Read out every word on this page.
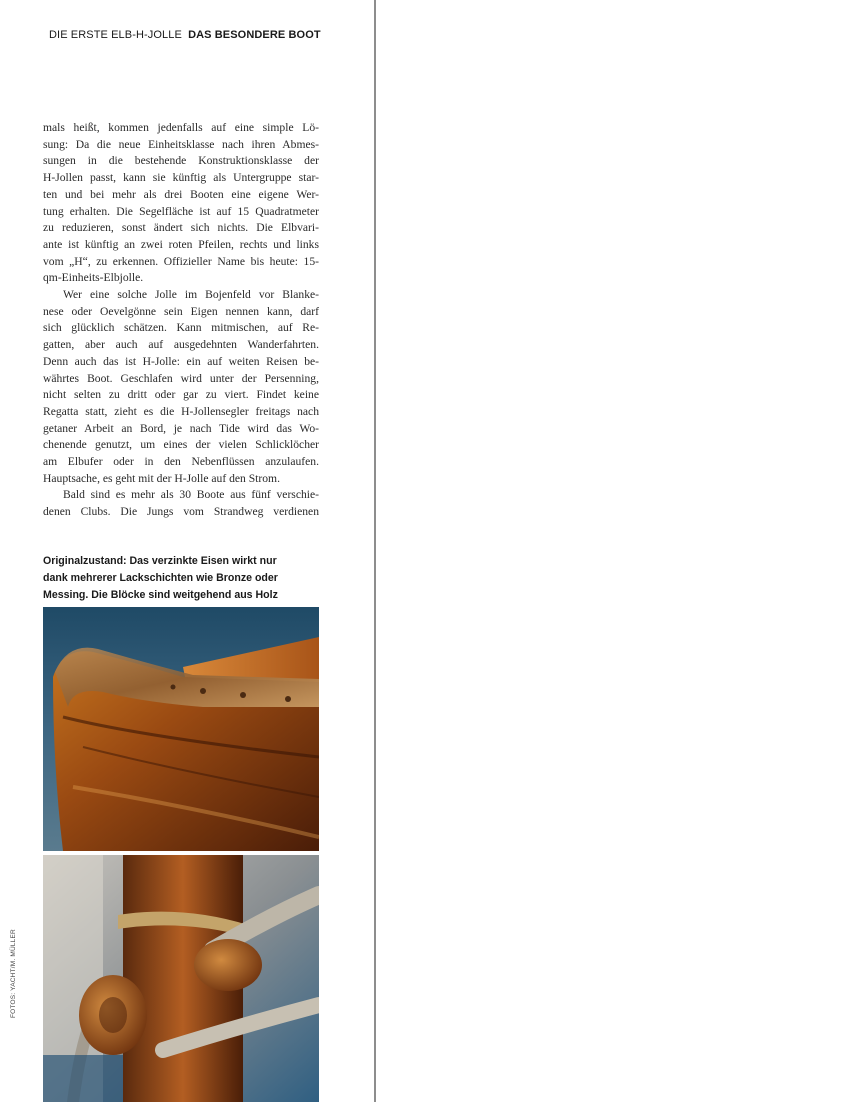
DIE ERSTE ELB-H-JOLLE DAS BESONDERE BOOT

mals heißt, kommen jedenfalls auf eine simple Lö-
sung: Da die neue Einheitsklasse nach ihren Abmes-
sungen in die bestehende Konstruktionsklasse der
H-Jollen passt, kann sie künftig als Untergruppe star-
ten und bei mehr als drei Booten eine eigene Wer-
tung erhalten. Die Segelfläche ist auf 15 Quadratmeter
zu reduzieren, sonst ändert sich nichts. Die Elbvari-
ante ist künftig an zwei roten Pfeilen, rechts und links
vom „H“, zu erkennen. Offizieller Name bis heute: 15-
qm-Einheits-Elbjolle.

Wer eine solche Jolle im Bojenfeld vor Blanke-
nese oder Oevelgönne sein Eigen nennen kann, darf
sich glücklich schätzen. Kann mitmischen, auf Re-
gatten, aber auch auf ausgedehnten Wanderfahrten.
Denn auch das ist H-Jolle: ein auf weiten Reisen be-
währtes Boot. Geschlafen wird unter der Persenning,
nicht selten zu dritt oder gar zu viert. Findet keine
Regatta statt, zieht es die H-Jollensegler freitags nach
getaner Arbeit an Bord, je nach Tide wird das Wo-
chenende genutzt, um eines der vielen Schlicklöcher
am Elbufer oder in den Nebenflüssen anzulaufen.
Hauptsache, es geht mit der H-Jolle auf den Strom.

Bald sind es mehr als 30 Boote aus fünf verschie-
denen Clubs. Die Jungs vom Strandweg verdienen

Originalzustand: Das verzinkte Eisen wirkt nur
dank mehrerer Lackschichten wie Bronze oder
Messing. Die Blöcke sind weitgehend aus Holz
FOTOS: YACHT/M. MÜLLER
